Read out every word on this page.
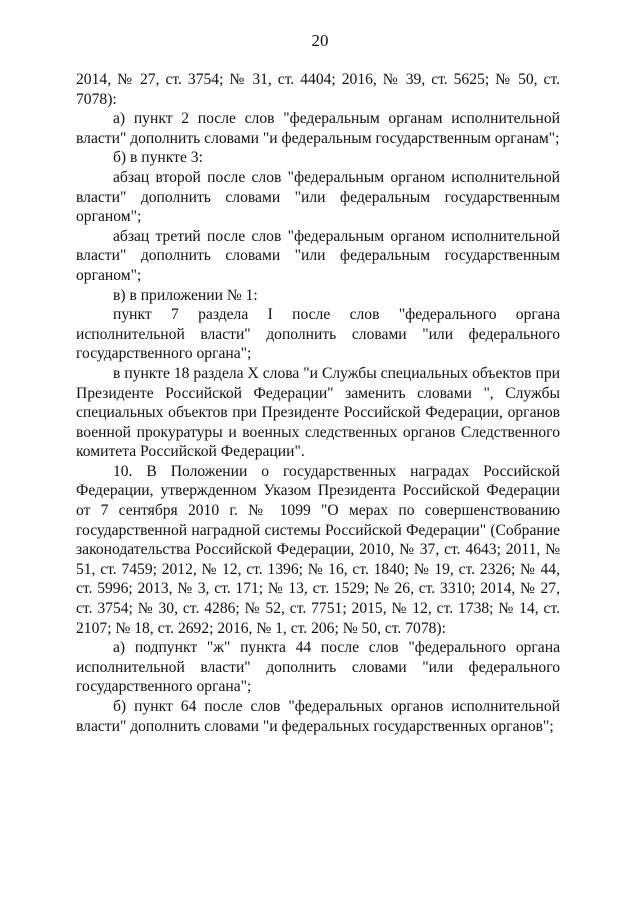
20

2014, № 27, ст. 3754; № 31, ст. 4404; 2016, № 39, ст. 5625; № 50, ст. 7078):

а) пункт 2 после слов "федеральным органам исполнительной власти" дополнить словами "и федеральным государственным органам";

б) в пункте 3:

абзац второй после слов "федеральным органом исполнительной власти" дополнить словами "или федеральным государственным органом";

абзац третий после слов "федеральным органом исполнительной власти" дополнить словами "или федеральным государственным органом";

в) в приложении № 1:

пункт 7 раздела I после слов "федерального органа исполнительной власти" дополнить словами "или федерального государственного органа";

в пункте 18 раздела X слова "и Службы специальных объектов при Президенте Российской Федерации" заменить словами ", Службы специальных объектов при Президенте Российской Федерации, органов военной прокуратуры и военных следственных органов Следственного комитета Российской Федерации".

10. В Положении о государственных наградах Российской Федерации, утвержденном Указом Президента Российской Федерации от 7 сентября 2010 г. № 1099 "О мерах по совершенствованию государственной наградной системы Российской Федерации" (Собрание законодательства Российской Федерации, 2010, № 37, ст. 4643; 2011, № 51, ст. 7459; 2012, № 12, ст. 1396; № 16, ст. 1840; № 19, ст. 2326; № 44, ст. 5996; 2013, № 3, ст. 171; № 13, ст. 1529; № 26, ст. 3310; 2014, № 27, ст. 3754; № 30, ст. 4286; № 52, ст. 7751; 2015, № 12, ст. 1738; № 14, ст. 2107; № 18, ст. 2692; 2016, № 1, ст. 206; № 50, ст. 7078):

а) подпункт "ж" пункта 44 после слов "федерального органа исполнительной власти" дополнить словами "или федерального государственного органа";

б) пункт 64 после слов "федеральных органов исполнительной власти" дополнить словами "и федеральных государственных органов";
